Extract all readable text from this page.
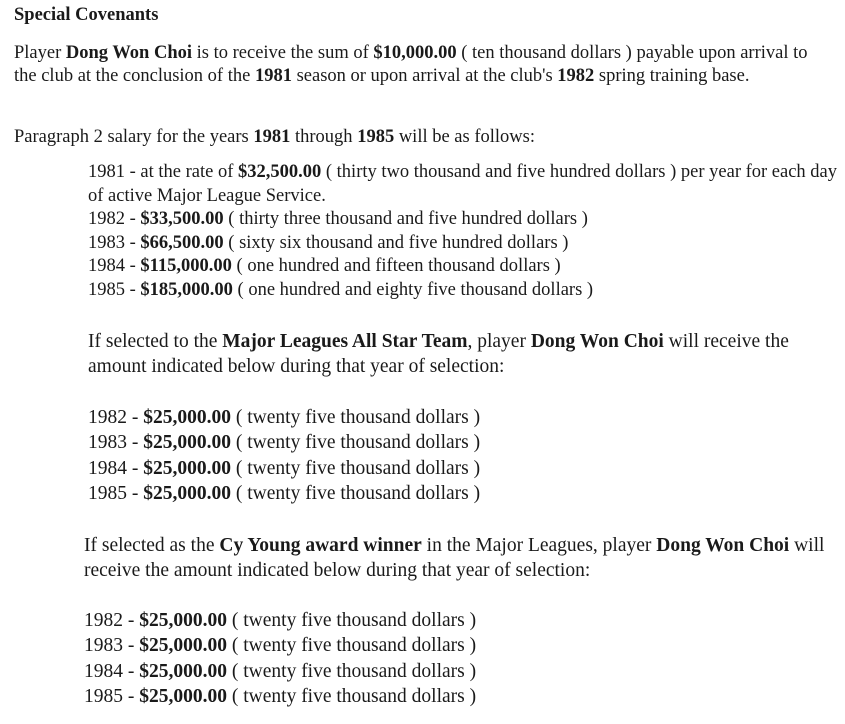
Special Covenants

Player Dong Won Choi is to receive the sum of $10,000.00 ( ten thousand dollars ) payable upon arrival to the club at the conclusion of the 1981 season or upon arrival at the club's 1982 spring training base.

Paragraph 2 salary for the years 1981 through 1985 will be as follows:

1981 - at the rate of $32,500.00 ( thirty two thousand and five hundred dollars ) per year for each day of active Major League Service.

1982 - $33,500.00 ( thirty three thousand and five hundred dollars )

1983 - $66,500.00 ( sixty six thousand and five hundred dollars )

1984 - $115,000.00 ( one hundred and fifteen thousand dollars )

1985 - $185,000.00 ( one hundred and eighty five thousand dollars )

If selected to the Major Leagues All Star Team, player Dong Won Choi will receive the amount indicated below during that year of selection:

1982 - $25,000.00 ( twenty five thousand dollars )

1983 - $25,000.00 ( twenty five thousand dollars )

1984 - $25,000.00 ( twenty five thousand dollars )

1985 - $25,000.00 ( twenty five thousand dollars )

If selected as the Cy Young award winner in the Major Leagues, player Dong Won Choi will receive the amount indicated below during that year of selection:

1982 - $25,000.00 ( twenty five thousand dollars )

1983 - $25,000.00 ( twenty five thousand dollars )

1984 - $25,000.00 ( twenty five thousand dollars )

1985 - $25,000.00 ( twenty five thousand dollars )
